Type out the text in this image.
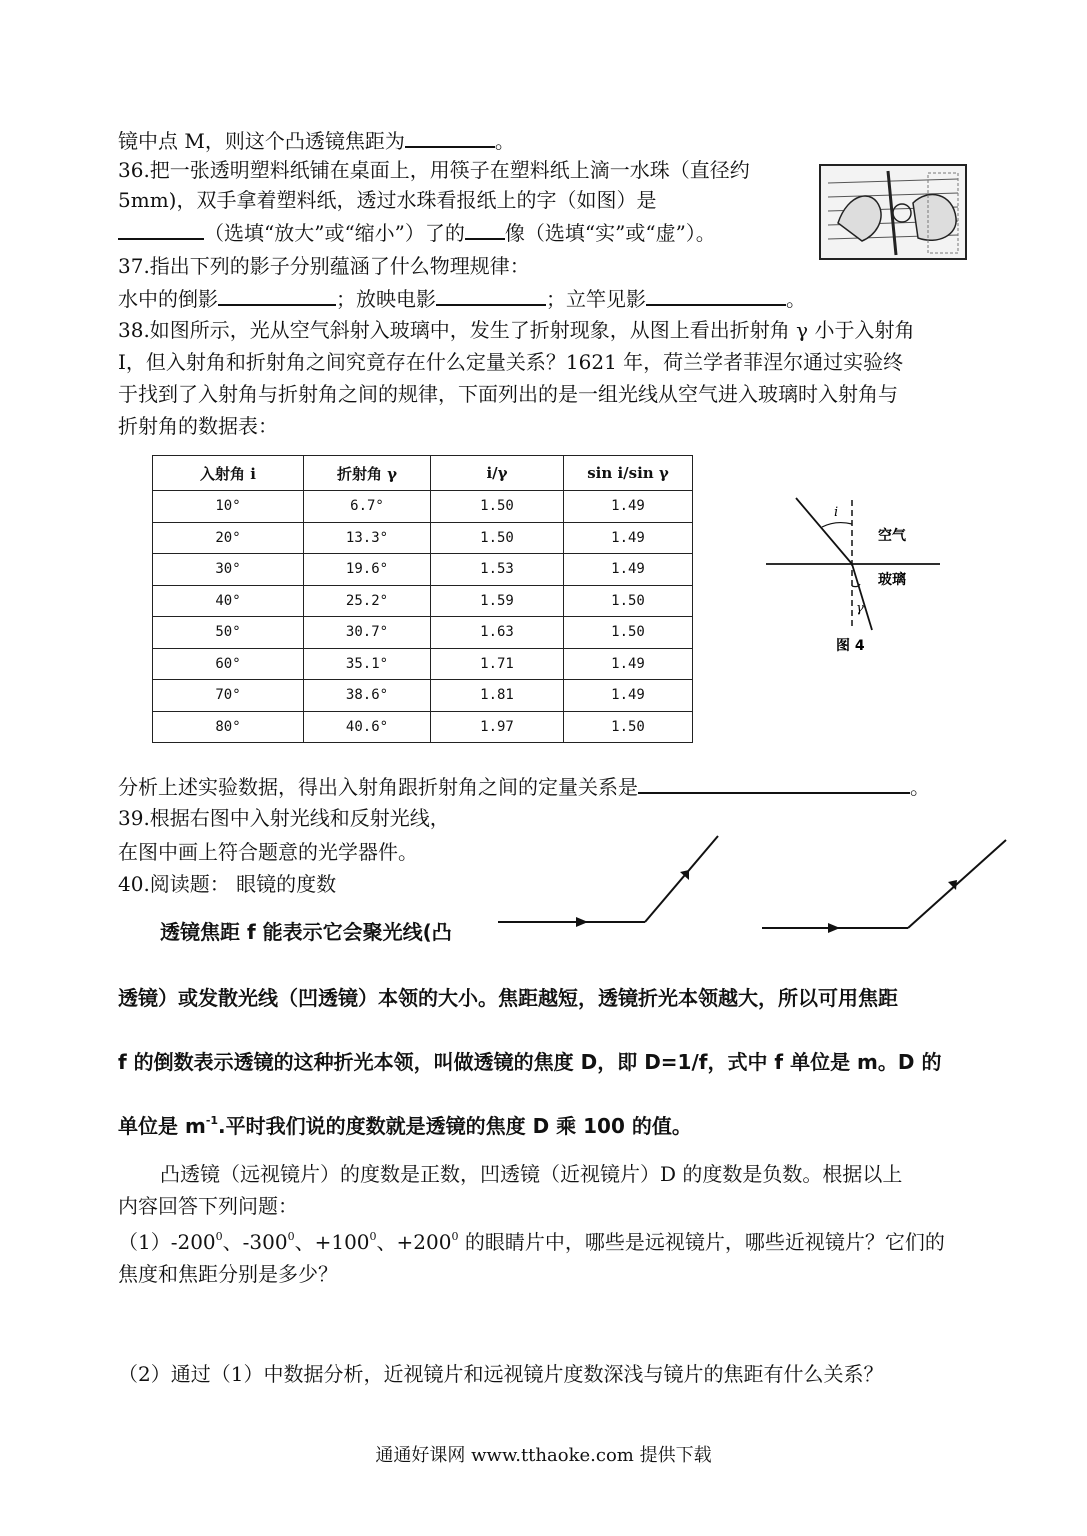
镜中点 M，则这个凸透镜焦距为	。
36.把一张透明塑料纸铺在桌面上，用筷子在塑料纸上滴一水珠（直径约
5mm)，双手拿着塑料纸，透过水珠看报纸上的字（如图）是
（选填“放大”或“缩小”）了的 像（选填“实”或“虚”）。
37.指出下列的影子分别蕴涵了什么物理规律：
水中的倒影	；放映电影	；立竿见影	。
38.如图所示，光从空气斜射入玻璃中，发生了折射现象，从图上看出折射角 γ 小于入射角
I，但入射角和折射角之间究竟存在什么定量关系？1621 年，荷兰学者菲涅尔通过实验终
于找到了入射角与折射角之间的规律，下面列出的是一组光线从空气进入玻璃时入射角与
折射角的数据表：
入射角 i	折射角 γ	i/γ	sin i/sin γ
10°	6.7°	1.50	1.49
20°	13.3°	1.50	1.49
30°	19.6°	1.53	1.49
40°	25.2°	1.59	1.50
50°	30.7°	1.63	1.50
60°	35.1°	1.71	1.49
70°	38.6°	1.81	1.49
80°	40.6°	1.97	1.50
i
空气
玻璃
γ
图 4
分析上述实验数据，得出入射角跟折射角之间的定量关系是	。
39.根据右图中入射光线和反射光线，
在图中画上符合题意的光学器件。
40.阅读题： 眼镜的度数
透镜焦距 f 能表示它会聚光线(凸
透镜）或发散光线（凹透镜）本领的大小。焦距越短，透镜折光本领越大，所以可用焦距
f 的倒数表示透镜的这种折光本领，叫做透镜的焦度 D，即 D=1/f，式中 f 单位是 m。D 的
单位是 $m^{-1}$.平时我们说的度数就是透镜的焦度 D 乘 100 的值。
凸透镜（远视镜片）的度数是正数，凹透镜（近视镜片）D 的度数是负数。根据以上
内容回答下列问题：
$(1)-200^0$、$-300^0$、$+100^0$、$+200^0$ 的眼睛片中，哪些是远视镜片，哪些近视镜片？它们的
焦度和焦距分别是多少？
（2）通过（1）中数据分析，近视镜片和远视镜片度数深浅与镜片的焦距有什么关系？
通通好课网 www.tthaoke.com 提供下载
